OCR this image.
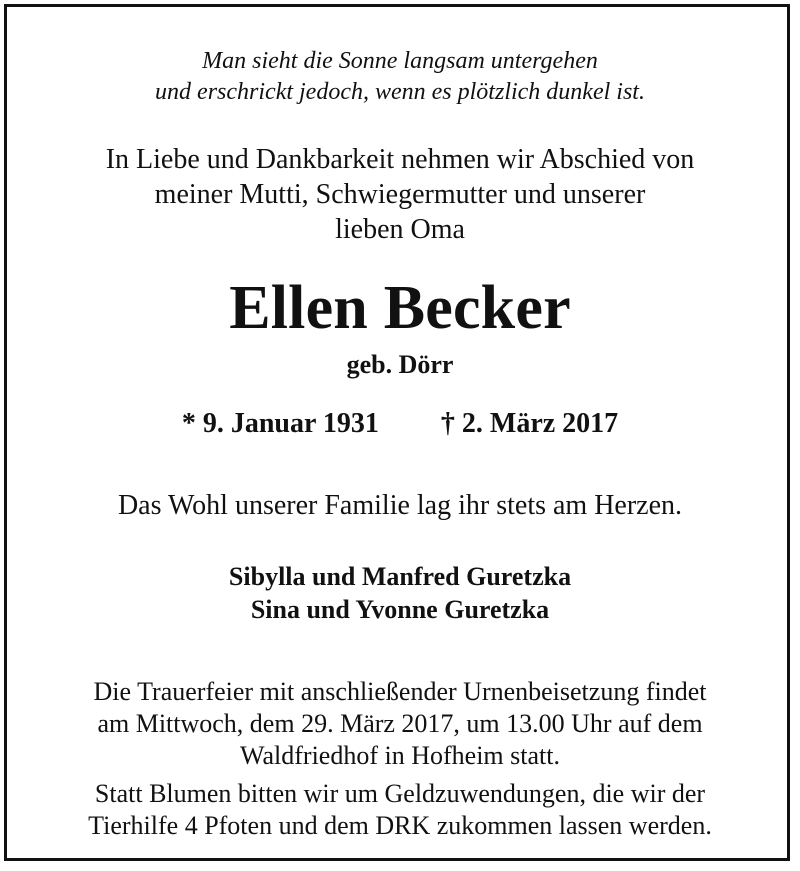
Man sieht die Sonne langsam untergehen
und erschrickt jedoch, wenn es plötzlich dunkel ist.
In Liebe und Dankbarkeit nehmen wir Abschied von
meiner Mutti, Schwiegermutter und unserer
lieben Oma
Ellen Becker
geb. Dörr
* 9. Januar 1931 † 2. März 2017
Das Wohl unserer Familie lag ihr stets am Herzen.
Sibylla und Manfred Guretzka
Sina und Yvonne Guretzka
Die Trauerfeier mit anschließender Urnenbeisetzung findet
am Mittwoch, dem 29. März 2017, um 13.00 Uhr auf dem
Waldfriedhof in Hofheim statt.
Statt Blumen bitten wir um Geldzuwendungen, die wir der
Tierhilfe 4 Pfoten und dem DRK zukommen lassen werden.
